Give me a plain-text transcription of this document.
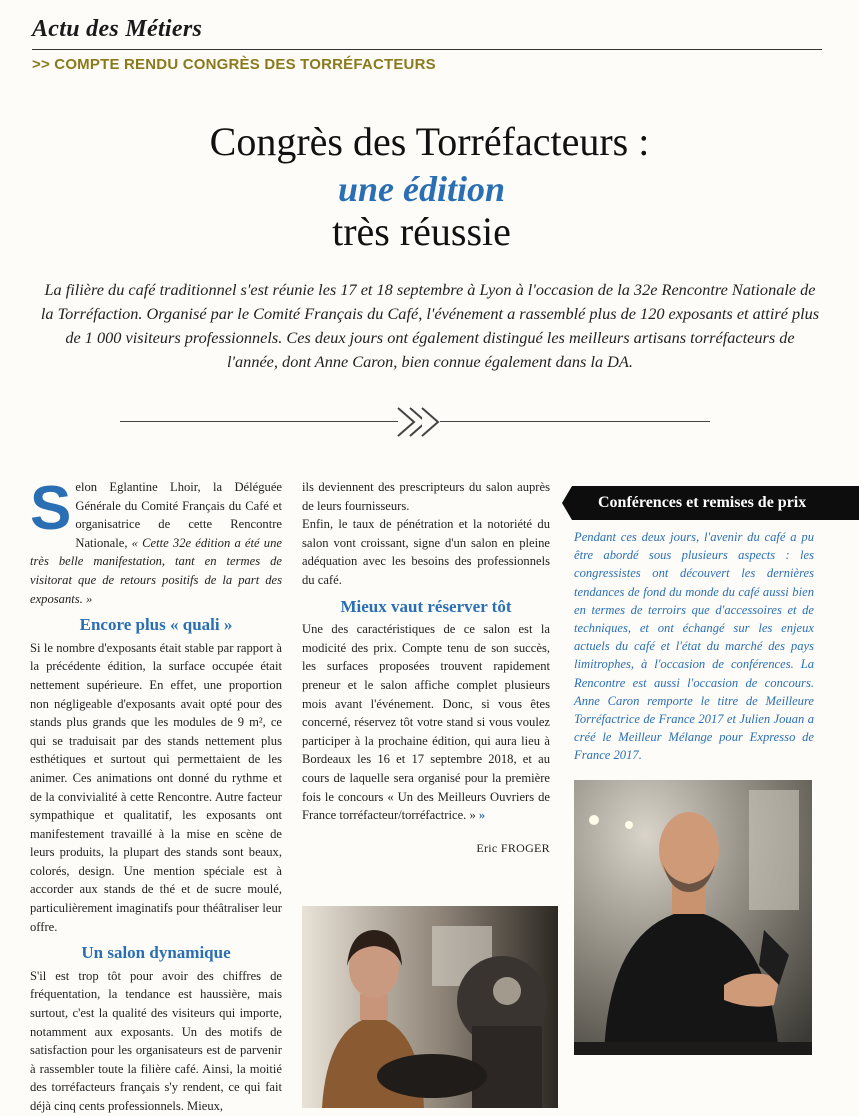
Actu des Métiers
>> COMPTE RENDU CONGRÈS DES TORRÉFACTEURS
Congrès des Torréfacteurs :
une édition
très réussie
La filière du café traditionnel s'est réunie les 17 et 18 septembre à Lyon à l'occasion de la 32e Rencontre Nationale de la Torréfaction. Organisé par le Comité Français du Café, l'événement a rassemblé plus de 120 exposants et attiré plus de 1 000 visiteurs professionnels. Ces deux jours ont également distingué les meilleurs artisans torréfacteurs de l'année, dont Anne Caron, bien connue également dans la DA.

Selon Eglantine Lhoir, la Déléguée Générale du Comité Français du Café et organisatrice de cette Rencontre Nationale, « Cette 32e édition a été une très belle manifestation, tant en termes de visitorat que de retours positifs de la part des exposants. »

Encore plus « quali »

Si le nombre d'exposants était stable par rapport à la précédente édition, la surface occupée était nettement supérieure. En effet, une proportion non négligeable d'exposants avait opté pour des stands plus grands que les modules de 9 m², ce qui se traduisait par des stands nettement plus esthétiques et surtout qui permettaient de les animer. Ces animations ont donné du rythme et de la convivialité à cette Rencontre. Autre facteur sympathique et qualitatif, les exposants ont manifestement travaillé à la mise en scène de leurs produits, la plupart des stands sont beaux, colorés, design. Une mention spéciale est à accorder aux stands de thé et de sucre moulé, particulièrement imaginatifs pour théâtraliser leur offre.

Un salon dynamique

S'il est trop tôt pour avoir des chiffres de fréquentation, la tendance est haussière, mais surtout, c'est la qualité des visiteurs qui importe, notamment aux exposants. Un des motifs de satisfaction pour les organisateurs est de parvenir à rassembler toute la filière café. Ainsi, la moitié des torréfacteurs français s'y rendent, ce qui fait déjà cinq cents professionnels. Mieux,

ils deviennent des prescripteurs du salon auprès de leurs fournisseurs.

Enfin, le taux de pénétration et la notoriété du salon vont croissant, signe d'un salon en pleine adéquation avec les besoins des professionnels du café.

Mieux vaut réserver tôt

Une des caractéristiques de ce salon est la modicité des prix. Compte tenu de son succès, les surfaces proposées trouvent rapidement preneur et le salon affiche complet plusieurs mois avant l'événement. Donc, si vous êtes concerné, réservez tôt votre stand si vous voulez participer à la prochaine édition, qui aura lieu à Bordeaux les 16 et 17 septembre 2018, et au cours de laquelle sera organisé pour la première fois le concours « Un des Meilleurs Ouvriers de France torréfacteur/torréfactrice. » »

Eric FROGER
Conférences et remises de prix
Pendant ces deux jours, l'avenir du café a pu être abordé sous plusieurs aspects : les congressistes ont découvert les dernières tendances de fond du monde du café aussi bien en termes de terroirs que d'accessoires et de techniques, et ont échangé sur les enjeux actuels du café et l'état du marché des pays limitrophes, à l'occasion de conférences. La Rencontre est aussi l'occasion de concours. Anne Caron remporte le titre de Meilleure Torréfactrice de France 2017 et Julien Jouan a créé le Meilleur Mélange pour Expresso de France 2017.
